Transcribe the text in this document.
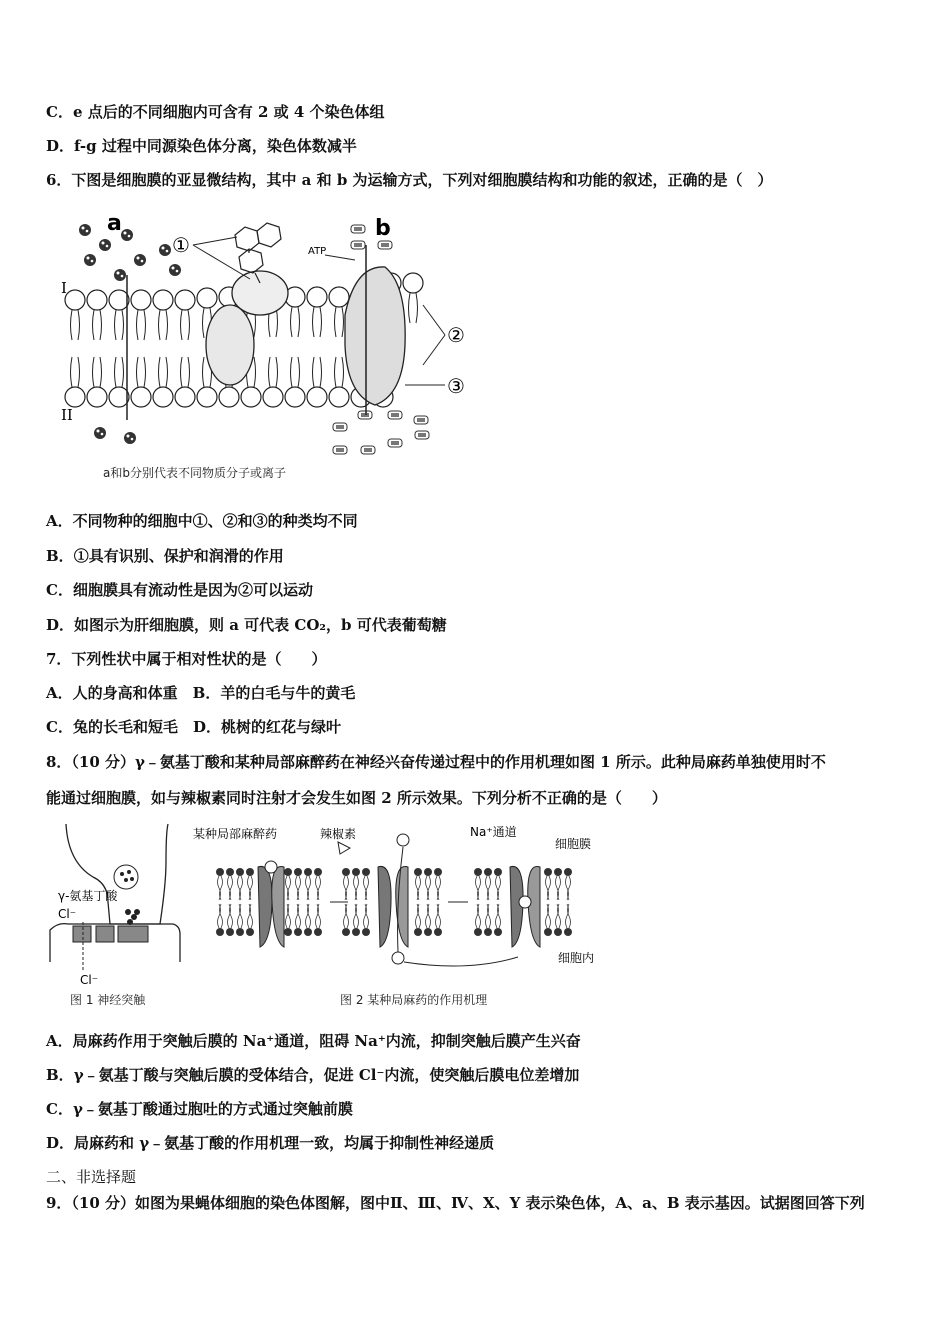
C．e 点后的不同细胞内可含有 2 或 4 个染色体组
D．f-g 过程中同源染色体分离，染色体数减半
6．下图是细胞膜的亚显微结构，其中 a 和 b 为运输方式，下列对细胞膜结构和功能的叙述，正确的是（　）
a	b
I
II
①
②
③
ATP
a和b分别代表不同物质分子或离子
A．不同物种的细胞中①、②和③的种类均不同
B．①具有识别、保护和润滑的作用
C．细胞膜具有流动性是因为②可以运动
D．如图示为肝细胞膜，则 a 可代表 CO₂，b 可代表葡萄糖
7．下列性状中属于相对性状的是（　　）
A．人的身高和体重　B．羊的白毛与牛的黄毛
C．兔的长毛和短毛　D．桃树的红花与绿叶
8．（10 分）γ﹣氨基丁酸和某种局部麻醉药在神经兴奋传递过程中的作用机理如图 1 所示。此种局麻药单独使用时不
能通过细胞膜，如与辣椒素同时注射才会发生如图 2 所示效果。下列分析不正确的是（　　）
γ-氨基丁酸
Cl⁻
Cl⁻
图 1 神经突触
某种局部麻醉药	辣椒素	Na⁺通道
细胞膜
细胞内
图 2 某种局麻药的作用机理
A．局麻药作用于突触后膜的 Na⁺通道，阻碍 Na⁺内流，抑制突触后膜产生兴奋
B．γ﹣氨基丁酸与突触后膜的受体结合，促进 Cl⁻内流，使突触后膜电位差增加
C．γ﹣氨基丁酸通过胞吐的方式通过突触前膜
D．局麻药和 γ﹣氨基丁酸的作用机理一致，均属于抑制性神经递质
二、非选择题
9．（10 分）如图为果蝇体细胞的染色体图解，图中Ⅱ、Ⅲ、Ⅳ、X、Y 表示染色体，A、a、B 表示基因。试据图回答下列
